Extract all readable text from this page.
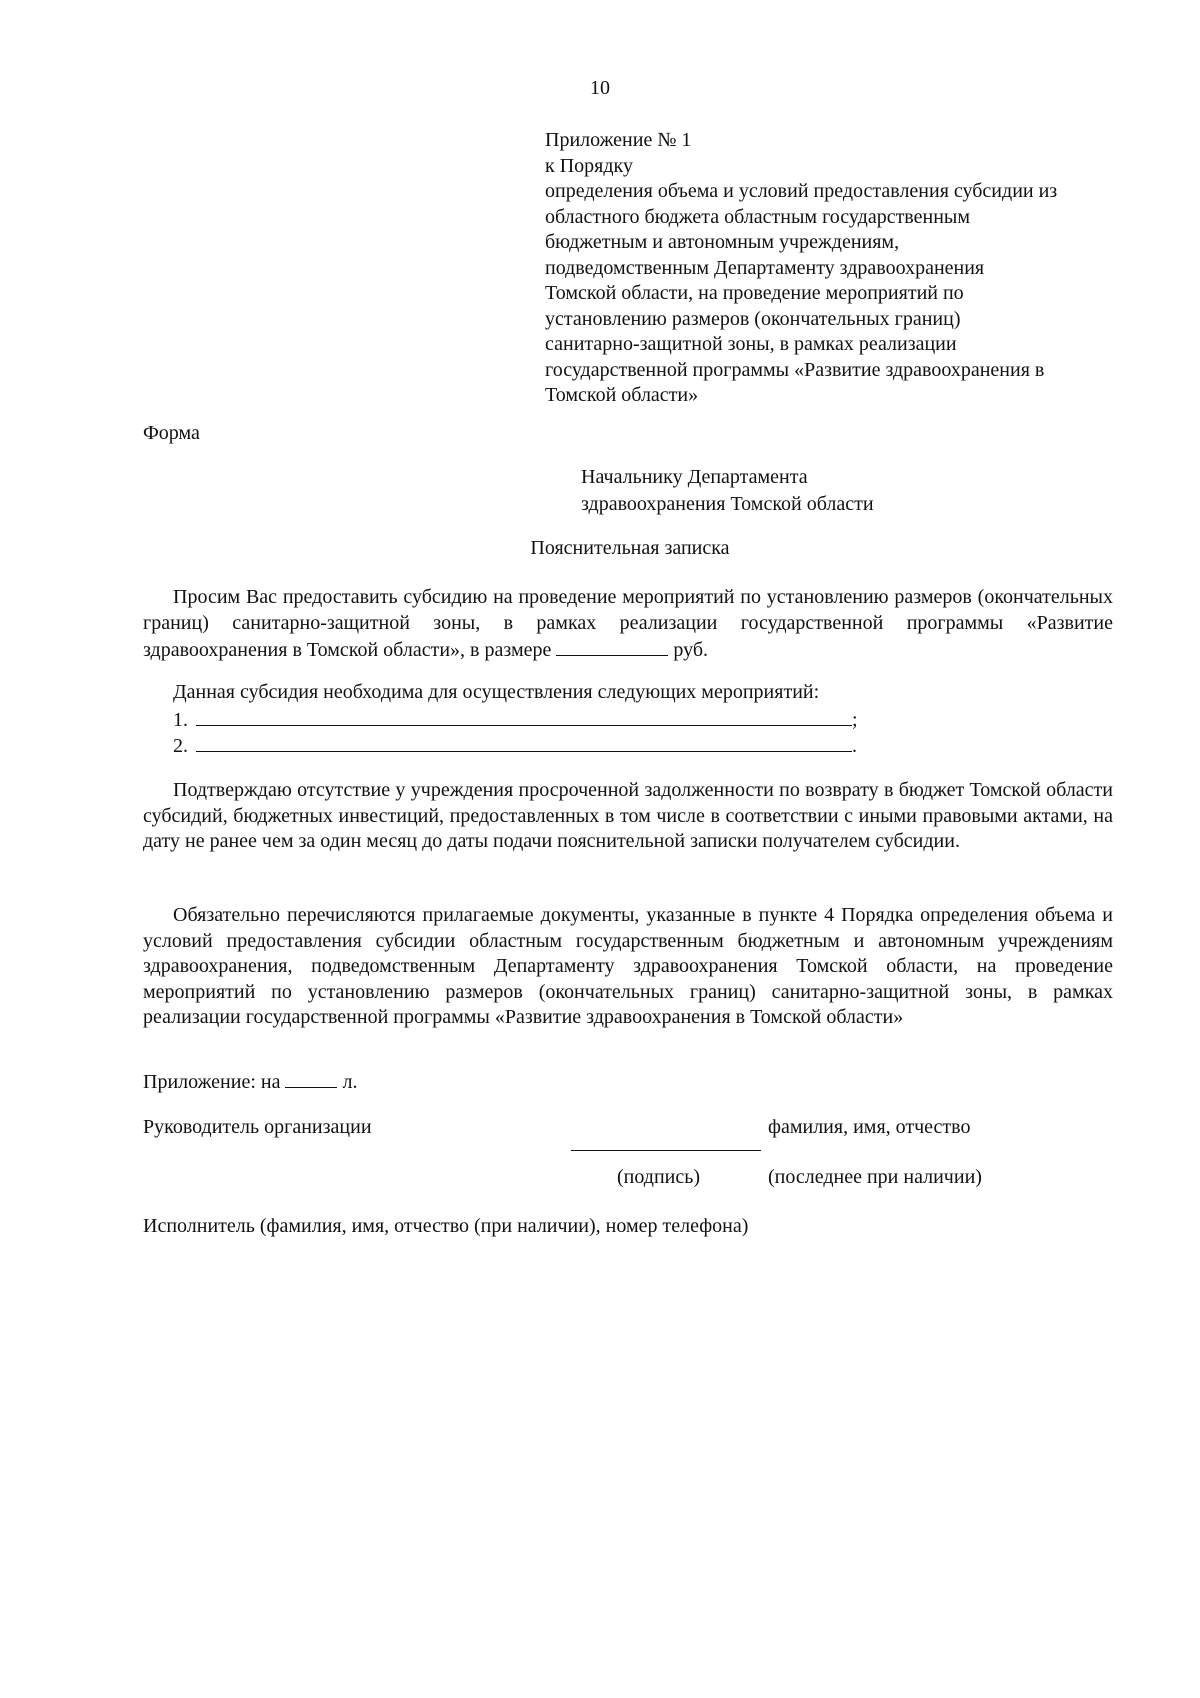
10
Приложение № 1
к Порядку
определения объема и условий предоставления субсидии из
областного бюджета областным государственным
бюджетным и автономным учреждениям,
подведомственным Департаменту здравоохранения
Томской области, на проведение мероприятий по
установлению размеров (окончательных границ)
санитарно-защитной зоны, в рамках реализации
государственной программы «Развитие здравоохранения в
Томской области»
Форма
Начальнику Департамента
здравоохранения Томской области
Пояснительная записка
Просим Вас предоставить субсидию на проведение мероприятий по установлению размеров (окончательных границ) санитарно-защитной зоны, в рамках реализации государственной программы «Развитие здравоохранения в Томской области», в размере	руб.
Данная субсидия необходима для осуществления следующих мероприятий:
1.	;
2.	.
Подтверждаю отсутствие у учреждения просроченной задолженности по возврату в бюджет Томской области субсидий, бюджетных инвестиций, предоставленных в том числе в соответствии с иными правовыми актами, на дату не ранее чем за один месяц до даты подачи пояснительной записки получателем субсидии.
Обязательно перечисляются прилагаемые документы, указанные в пункте 4 Порядка определения объема и условий предоставления субсидии областным государственным бюджетным и автономным учреждениям здравоохранения, подведомственным Департаменту здравоохранения Томской области, на проведение мероприятий по установлению размеров (окончательных границ) санитарно-защитной зоны, в рамках реализации государственной программы «Развитие здравоохранения в Томской области»
Приложение: на	л.
Руководитель организации	фамилия, имя, отчество
(подпись)	(последнее при наличии)
Исполнитель (фамилия, имя, отчество (при наличии), номер телефона)
